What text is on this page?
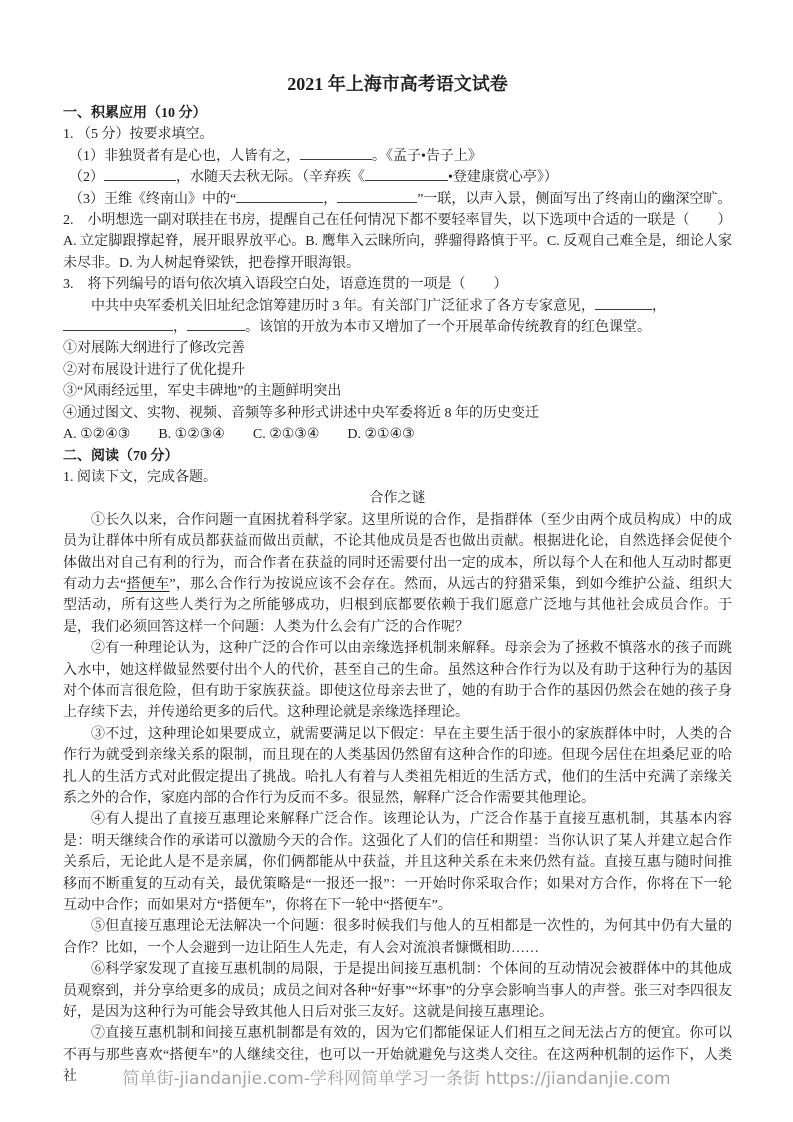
2021 年上海市高考语文试卷
一、积累应用（10 分）
1. （5 分）按要求填空。
（1）非独贤者有是心也，人皆有之，	。《孟子•告子上》
（2）	，水随天去秋无际。（辛弃疾《	•登建康赏心亭》）
（3）王维《终南山》中的“	，	”一联，以声入景，侧面写出了终南山的幽深空旷。
2.　小明想选一副对联挂在书房，提醒自己在任何情况下都不要轻率冒失，以下选项中合适的一联是（　　）
A. 立定脚跟撑起脊，展开眼界放平心。B. 鹰隼入云睐所向，骅骝得路慎于平。C. 反观自己难全是，细论人家未尽非。D. 为人树起脊梁铁，把卷撑开眼海银。
3.　将下列编号的语句依次填入语段空白处，语意连贯的一项是（　　）
中共中央军委机关旧址纪念馆筹建历时 3 年。有关部门广泛征求了各方专家意见，	，
，	。该馆的开放为本市又增加了一个开展革命传统教育的红色课堂。
①对展陈大纲进行了修改完善
②对布展设计进行了优化提升
③“风雨经远里，军史丰碑地”的主题鲜明突出
④通过图文、实物、视频、音频等多种形式讲述中央军委将近 8 年的历史变迁
A. ①②④③　　B. ①②③④　　C. ②①③④　　D. ②①④③
二、阅读（70 分）
1. 阅读下文，完成各题。
合作之谜

①长久以来，合作问题一直困扰着科学家。这里所说的合作，是指群体（至少由两个成员构成）中的成员为让群体中所有成员都获益而做出贡献，不论其他成员是否也做出贡献。根据进化论，自然选择会促使个体做出对自己有利的行为，而合作者在获益的同时还需要付出一定的成本，所以每个人在和他人互动时都更有动力去“搭便车”，那么合作行为按说应该不会存在。然而，从远古的狩猎采集，到如今维护公益、组织大型活动，所有这些人类行为之所能够成功，归根到底都要依赖于我们愿意广泛地与其他社会成员合作。于是，我们必须回答这样一个问题：人类为什么会有广泛的合作呢？

②有一种理论认为，这种广泛的合作可以由亲缘选择机制来解释。母亲会为了拯救不慎落水的孩子而跳入水中，她这样做显然要付出个人的代价，甚至自己的生命。虽然这种合作行为以及有助于这种行为的基因对个体而言很危险，但有助于家族获益。即使这位母亲去世了，她的有助于合作的基因仍然会在她的孩子身上存续下去，并传递给更多的后代。这种理论就是亲缘选择理论。

③不过，这种理论如果要成立，就需要满足以下假定：早在主要生活于很小的家族群体中时，人类的合作行为就受到亲缘关系的限制，而且现在的人类基因仍然留有这种合作的印迹。但现今居住在坦桑尼亚的哈扎人的生活方式对此假定提出了挑战。哈扎人有着与人类祖先相近的生活方式，他们的生活中充满了亲缘关系之外的合作，家庭内部的合作行为反而不多。很显然，解释广泛合作需要其他理论。

④有人提出了直接互惠理论来解释广泛合作。该理论认为，广泛合作基于直接互惠机制，其基本内容是：明天继续合作的承诺可以激励今天的合作。这强化了人们的信任和期望：当你认识了某人并建立起合作关系后，无论此人是不是亲属，你们俩都能从中获益，并且这种关系在未来仍然有益。直接互惠与随时间推移而不断重复的互动有关，最优策略是“一报还一报”：一开始时你采取合作；如果对方合作，你将在下一轮互动中合作；而如果对方“搭便车”，你将在下一轮中“搭便车”。

⑤但直接互惠理论无法解决一个问题：很多时候我们与他人的互相都是一次性的，为何其中仍有大量的合作？比如，一个人会避到一边让陌生人先走，有人会对流浪者慷慨相助……

⑥科学家发现了直接互惠机制的局限，于是提出间接互惠机制：个体间的互动情况会被群体中的其他成员观察到，并分享给更多的成员；成员之间对各种“好事”“坏事”的分享会影响当事人的声誉。张三对李四很友好，是因为这种行为可能会导致其他人日后对张三友好。这就是间接互惠理论。

⑦直接互惠机制和间接互惠机制都是有效的，因为它们都能保证人们相互之间无法占方的便宜。你可以不再与那些喜欢“搭便车”的人继续交往，也可以一开始就避免与这类人交往。在这两种机制的运作下，人类社	简单街-jiandanjie.com-学科网简单学习一条街 https://jiandanjie.com
